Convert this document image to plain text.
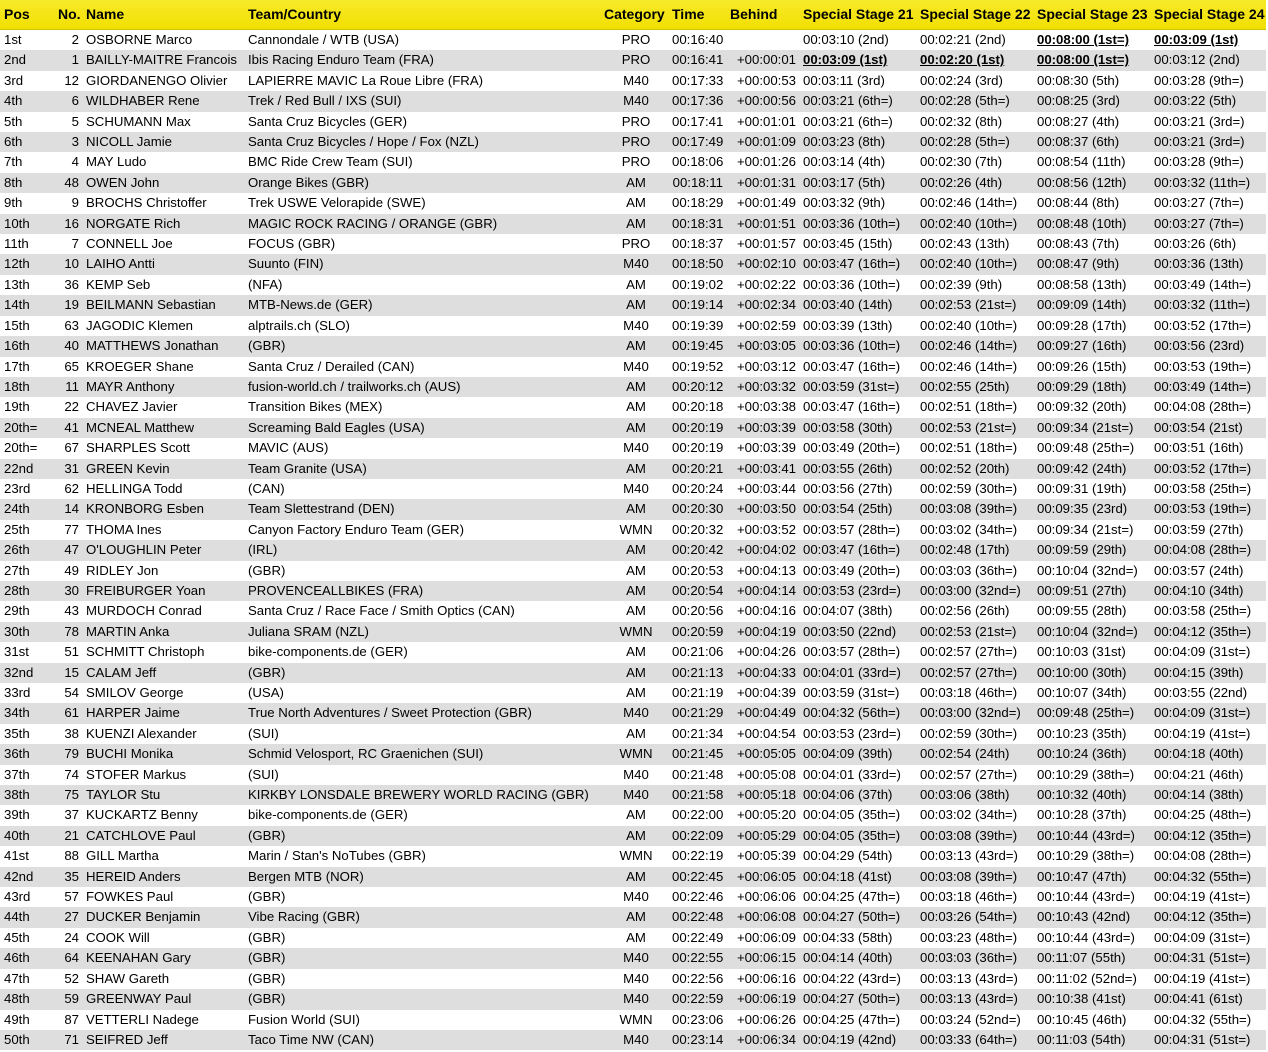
Pos	No.	Name	Team/Country	Category	Time	Behind	Special Stage 21	Special Stage 22	Special Stage 23	Special Stage 24
1st	2	OSBORNE Marco	Cannondale / WTB (USA)	PRO	00:16:40		00:03:10 (2nd)	00:02:21 (2nd)	00:08:00 (1st=)	00:03:09 (1st)
2nd	1	BAILLY-MAITRE Francois	Ibis Racing Enduro Team (FRA)	PRO	00:16:41	+00:00:01	00:03:09 (1st)	00:02:20 (1st)	00:08:00 (1st=)	00:03:12 (2nd)
3rd	12	GIORDANENGO Olivier	LAPIERRE MAVIC La Roue Libre (FRA)	M40	00:17:33	+00:00:53	00:03:11 (3rd)	00:02:24 (3rd)	00:08:30 (5th)	00:03:28 (9th=)
4th	6	WILDHABER Rene	Trek / Red Bull / IXS (SUI)	M40	00:17:36	+00:00:56	00:03:21 (6th=)	00:02:28 (5th=)	00:08:25 (3rd)	00:03:22 (5th)
5th	5	SCHUMANN Max	Santa Cruz Bicycles (GER)	PRO	00:17:41	+00:01:01	00:03:21 (6th=)	00:02:32 (8th)	00:08:27 (4th)	00:03:21 (3rd=)
6th	3	NICOLL Jamie	Santa Cruz Bicycles / Hope / Fox (NZL)	PRO	00:17:49	+00:01:09	00:03:23 (8th)	00:02:28 (5th=)	00:08:37 (6th)	00:03:21 (3rd=)
7th	4	MAY Ludo	BMC Ride Crew Team (SUI)	PRO	00:18:06	+00:01:26	00:03:14 (4th)	00:02:30 (7th)	00:08:54 (11th)	00:03:28 (9th=)
8th	48	OWEN John	Orange Bikes (GBR)	AM	00:18:11	+00:01:31	00:03:17 (5th)	00:02:26 (4th)	00:08:56 (12th)	00:03:32 (11th=)
9th	9	BROCHS Christoffer	Trek USWE Velorapide (SWE)	AM	00:18:29	+00:01:49	00:03:32 (9th)	00:02:46 (14th=)	00:08:44 (8th)	00:03:27 (7th=)
10th	16	NORGATE Rich	MAGIC ROCK RACING / ORANGE (GBR)	AM	00:18:31	+00:01:51	00:03:36 (10th=)	00:02:40 (10th=)	00:08:48 (10th)	00:03:27 (7th=)
11th	7	CONNELL Joe	FOCUS (GBR)	PRO	00:18:37	+00:01:57	00:03:45 (15th)	00:02:43 (13th)	00:08:43 (7th)	00:03:26 (6th)
12th	10	LAIHO Antti	Suunto (FIN)	M40	00:18:50	+00:02:10	00:03:47 (16th=)	00:02:40 (10th=)	00:08:47 (9th)	00:03:36 (13th)
13th	36	KEMP Seb	(NFA)	AM	00:19:02	+00:02:22	00:03:36 (10th=)	00:02:39 (9th)	00:08:58 (13th)	00:03:49 (14th=)
14th	19	BEILMANN Sebastian	MTB-News.de (GER)	AM	00:19:14	+00:02:34	00:03:40 (14th)	00:02:53 (21st=)	00:09:09 (14th)	00:03:32 (11th=)
15th	63	JAGODIC Klemen	alptrails.ch (SLO)	M40	00:19:39	+00:02:59	00:03:39 (13th)	00:02:40 (10th=)	00:09:28 (17th)	00:03:52 (17th=)
16th	40	MATTHEWS Jonathan	(GBR)	AM	00:19:45	+00:03:05	00:03:36 (10th=)	00:02:46 (14th=)	00:09:27 (16th)	00:03:56 (23rd)
17th	65	KROEGER Shane	Santa Cruz / Derailed (CAN)	M40	00:19:52	+00:03:12	00:03:47 (16th=)	00:02:46 (14th=)	00:09:26 (15th)	00:03:53 (19th=)
18th	11	MAYR Anthony	fusion-world.ch / trailworks.ch (AUS)	AM	00:20:12	+00:03:32	00:03:59 (31st=)	00:02:55 (25th)	00:09:29 (18th)	00:03:49 (14th=)
19th	22	CHAVEZ Javier	Transition Bikes (MEX)	AM	00:20:18	+00:03:38	00:03:47 (16th=)	00:02:51 (18th=)	00:09:32 (20th)	00:04:08 (28th=)
20th=	41	MCNEAL Matthew	Screaming Bald Eagles (USA)	AM	00:20:19	+00:03:39	00:03:58 (30th)	00:02:53 (21st=)	00:09:34 (21st=)	00:03:54 (21st)
20th=	67	SHARPLES Scott	MAVIC (AUS)	M40	00:20:19	+00:03:39	00:03:49 (20th=)	00:02:51 (18th=)	00:09:48 (25th=)	00:03:51 (16th)
22nd	31	GREEN Kevin	Team Granite (USA)	AM	00:20:21	+00:03:41	00:03:55 (26th)	00:02:52 (20th)	00:09:42 (24th)	00:03:52 (17th=)
23rd	62	HELLINGA Todd	(CAN)	M40	00:20:24	+00:03:44	00:03:56 (27th)	00:02:59 (30th=)	00:09:31 (19th)	00:03:58 (25th=)
24th	14	KRONBORG Esben	Team Slettestrand (DEN)	AM	00:20:30	+00:03:50	00:03:54 (25th)	00:03:08 (39th=)	00:09:35 (23rd)	00:03:53 (19th=)
25th	77	THOMA Ines	Canyon Factory Enduro Team (GER)	WMN	00:20:32	+00:03:52	00:03:57 (28th=)	00:03:02 (34th=)	00:09:34 (21st=)	00:03:59 (27th)
26th	47	O'LOUGHLIN Peter	(IRL)	AM	00:20:42	+00:04:02	00:03:47 (16th=)	00:02:48 (17th)	00:09:59 (29th)	00:04:08 (28th=)
27th	49	RIDLEY Jon	(GBR)	AM	00:20:53	+00:04:13	00:03:49 (20th=)	00:03:03 (36th=)	00:10:04 (32nd=)	00:03:57 (24th)
28th	30	FREIBURGER Yoan	PROVENCEALLBIKES (FRA)	AM	00:20:54	+00:04:14	00:03:53 (23rd=)	00:03:00 (32nd=)	00:09:51 (27th)	00:04:10 (34th)
29th	43	MURDOCH Conrad	Santa Cruz / Race Face / Smith Optics (CAN)	AM	00:20:56	+00:04:16	00:04:07 (38th)	00:02:56 (26th)	00:09:55 (28th)	00:03:58 (25th=)
30th	78	MARTIN Anka	Juliana SRAM (NZL)	WMN	00:20:59	+00:04:19	00:03:50 (22nd)	00:02:53 (21st=)	00:10:04 (32nd=)	00:04:12 (35th=)
31st	51	SCHMITT Christoph	bike-components.de (GER)	AM	00:21:06	+00:04:26	00:03:57 (28th=)	00:02:57 (27th=)	00:10:03 (31st)	00:04:09 (31st=)
32nd	15	CALAM Jeff	(GBR)	AM	00:21:13	+00:04:33	00:04:01 (33rd=)	00:02:57 (27th=)	00:10:00 (30th)	00:04:15 (39th)
33rd	54	SMILOV George	(USA)	AM	00:21:19	+00:04:39	00:03:59 (31st=)	00:03:18 (46th=)	00:10:07 (34th)	00:03:55 (22nd)
34th	61	HARPER Jaime	True North Adventures / Sweet Protection (GBR)	M40	00:21:29	+00:04:49	00:04:32 (56th=)	00:03:00 (32nd=)	00:09:48 (25th=)	00:04:09 (31st=)
35th	38	KUENZI Alexander	(SUI)	AM	00:21:34	+00:04:54	00:03:53 (23rd=)	00:02:59 (30th=)	00:10:23 (35th)	00:04:19 (41st=)
36th	79	BUCHI Monika	Schmid Velosport, RC Graenichen (SUI)	WMN	00:21:45	+00:05:05	00:04:09 (39th)	00:02:54 (24th)	00:10:24 (36th)	00:04:18 (40th)
37th	74	STOFER Markus	(SUI)	M40	00:21:48	+00:05:08	00:04:01 (33rd=)	00:02:57 (27th=)	00:10:29 (38th=)	00:04:21 (46th)
38th	75	TAYLOR Stu	KIRKBY LONSDALE BREWERY WORLD RACING (GBR)	M40	00:21:58	+00:05:18	00:04:06 (37th)	00:03:06 (38th)	00:10:32 (40th)	00:04:14 (38th)
39th	37	KUCKARTZ Benny	bike-components.de (GER)	AM	00:22:00	+00:05:20	00:04:05 (35th=)	00:03:02 (34th=)	00:10:28 (37th)	00:04:25 (48th=)
40th	21	CATCHLOVE Paul	(GBR)	AM	00:22:09	+00:05:29	00:04:05 (35th=)	00:03:08 (39th=)	00:10:44 (43rd=)	00:04:12 (35th=)
41st	88	GILL Martha	Marin / Stan's NoTubes (GBR)	WMN	00:22:19	+00:05:39	00:04:29 (54th)	00:03:13 (43rd=)	00:10:29 (38th=)	00:04:08 (28th=)
42nd	35	HEREID Anders	Bergen MTB (NOR)	AM	00:22:45	+00:06:05	00:04:18 (41st)	00:03:08 (39th=)	00:10:47 (47th)	00:04:32 (55th=)
43rd	57	FOWKES Paul	(GBR)	M40	00:22:46	+00:06:06	00:04:25 (47th=)	00:03:18 (46th=)	00:10:44 (43rd=)	00:04:19 (41st=)
44th	27	DUCKER Benjamin	Vibe Racing (GBR)	AM	00:22:48	+00:06:08	00:04:27 (50th=)	00:03:26 (54th=)	00:10:43 (42nd)	00:04:12 (35th=)
45th	24	COOK Will	(GBR)	AM	00:22:49	+00:06:09	00:04:33 (58th)	00:03:23 (48th=)	00:10:44 (43rd=)	00:04:09 (31st=)
46th	64	KEENAHAN Gary	(GBR)	M40	00:22:55	+00:06:15	00:04:14 (40th)	00:03:03 (36th=)	00:11:07 (55th)	00:04:31 (51st=)
47th	52	SHAW Gareth	(GBR)	M40	00:22:56	+00:06:16	00:04:22 (43rd=)	00:03:13 (43rd=)	00:11:02 (52nd=)	00:04:19 (41st=)
48th	59	GREENWAY Paul	(GBR)	M40	00:22:59	+00:06:19	00:04:27 (50th=)	00:03:13 (43rd=)	00:10:38 (41st)	00:04:41 (61st)
49th	87	VETTERLI Nadege	Fusion World (SUI)	WMN	00:23:06	+00:06:26	00:04:25 (47th=)	00:03:24 (52nd=)	00:10:45 (46th)	00:04:32 (55th=)
50th	71	SEIFRED Jeff	Taco Time NW (CAN)	M40	00:23:14	+00:06:34	00:04:19 (42nd)	00:03:33 (64th=)	00:11:03 (54th)	00:04:31 (51st=)
